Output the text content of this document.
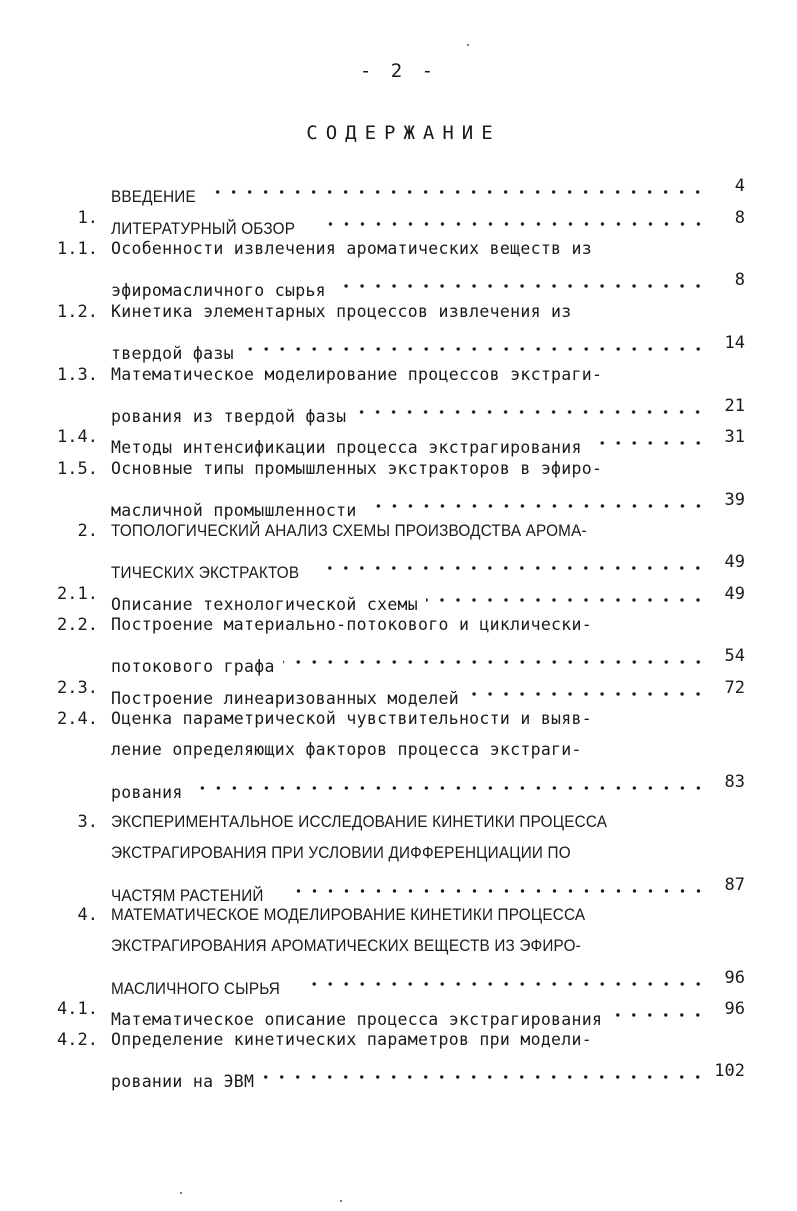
- 2 -
СОДЕРЖАНИЕ
ВВЕДЕНИЕ
4
1.
ЛИТЕРАТУРНЫЙ ОБЗОР
8
1.1. Особенности извлечения ароматических веществ из
эфиромасличного сырья
8
1.2. Кинетика элементарных процессов извлечения из
твердой фазы
14
1.3. Математическое моделирование процессов экстраги-
рования из твердой фазы
21
1.4.
Методы интенсификации процесса экстрагирования
31
1.5. Основные типы промышленных экстракторов в эфиро-
масличной промышленности
39
2. ТОПОЛОГИЧЕСКИЙ АНАЛИЗ СХЕМЫ ПРОИЗВОДСТВА АРОМА-
ТИЧЕСКИХ ЭКСТРАКТОВ
49
2.1.
Описание технологической схемы
49
2.2. Построение материально-потокового и циклически-
потокового графа
54
2.3.
Построение линеаризованных моделей
72
2.4. Оценка параметрической чувствительности и выяв-
ление определяющих факторов процесса экстраги-
рования
83
3. ЭКСПЕРИМЕНТАЛЬНОЕ ИССЛЕДОВАНИЕ КИНЕТИКИ ПРОЦЕССА
ЭКСТРАГИРОВАНИЯ ПРИ УСЛОВИИ ДИФФЕРЕНЦИАЦИИ ПО
ЧАСТЯМ РАСТЕНИЙ
87
4. МАТЕМАТИЧЕСКОЕ МОДЕЛИРОВАНИЕ КИНЕТИКИ ПРОЦЕССА
ЭКСТРАГИРОВАНИЯ АРОМАТИЧЕСКИХ ВЕЩЕСТВ ИЗ ЭФИРО-
МАСЛИЧНОГО СЫРЬЯ
96
4.1.
Математическое описание процесса экстрагирования
96
4.2. Определение кинетических параметров при модели-
ровании на ЭВМ
102
